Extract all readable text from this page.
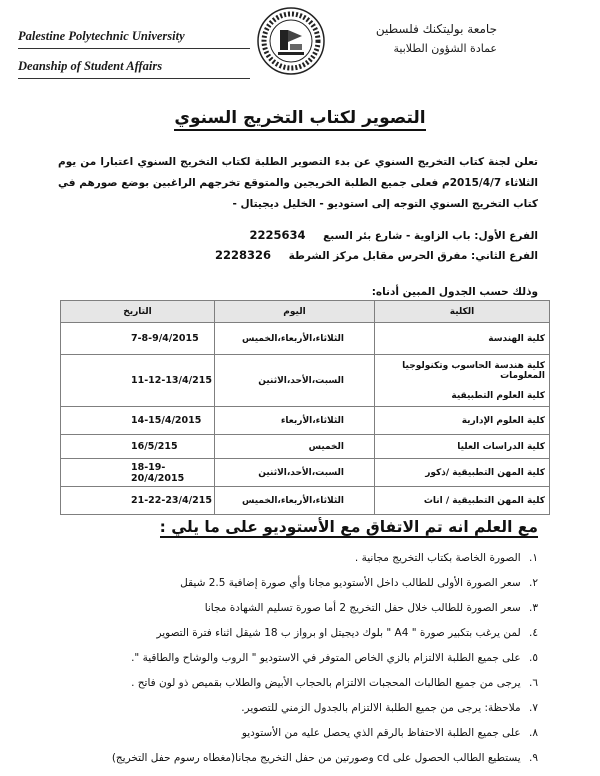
Palestine Polytechnic University
Deanship of Student Affairs
جامعة بوليتكنك فلسطين
عمادة الشؤون الطلابية
التصوير لكتاب التخريج السنوي
تعلن لجنة كتاب التخريج السنوي عن بدء التصوير الطلبة لكتاب التخريج السنوي اعتبارا من يوم الثلاثاء 2015/4/7م فعلى جميع الطلبة الخريجين والمتوقع تخرجهم الراغبين بوضع صورهم في كتاب التخريج السنوي التوجه إلى استوديو - الخليل ديجيتال -
الفرع الأول: باب الزاوية - شارع بئر السبع 2225634
الفرع الثاني: مفرق الحرس مقابل مركز الشرطة 2228326
وذلك حسب الجدول المبين أدناه:
الكلية	اليوم	التاريخ
كلية الهندسة	الثلاثاء،الأربعاء،الخميس	7-8-9/4/2015

كلية هندسة الحاسوب وتكنولوجيا المعلومات
كلية العلوم التطبيقية	السبت،الأحد،الاثنين	11-12-13/4/215
كلية العلوم الإدارية	الثلاثاء،الأربعاء	14-15/4/2015
كلية الدراسات العليا	الخميس	16/5/215
كلية المهن التطبيقية /ذكور	السبت،الأحد،الاثنين	18-19-20/4/2015
كلية المهن التطبيقية / اناث	الثلاثاء،الأربعاء،الخميس	21-22-23/4/215
مع العلم انه تم الاتفاق مع الأستوديو على ما يلي :
١. الصورة الخاصة بكتاب التخريج مجانية .
٢. سعر الصورة الأولى للطالب داخل الأستوديو مجانا وأي صورة إضافية 2.5 شيقل
٣. سعر الصورة للطالب خلال حفل التخريج 2 أما صورة تسليم الشهادة مجانا
٤. لمن يرغب بتكبير صورة " A4 " بلوك ديجيتل او برواز ب 18 شيقل اثناء فترة التصوير
٥. على جميع الطلبة الالتزام بالزي الخاص المتوفر في الاستوديو " الروب والوشاح والطاقية ".
٦. يرجى من جميع الطالبات المحجبات الالتزام بالحجاب الأبيض والطلاب بقميص ذو لون فاتح .
٧. ملاحظة: يرجى من جميع الطلبة الالتزام بالجدول الزمني للتصوير.
٨. على جميع الطلبة الاحتفاظ بالرقم الذي يحصل عليه من الأستوديو
٩. يستطيع الطالب الحصول على cd وصورتين من حفل التخريج مجانا(مغطاه رسوم حفل التخريج)
